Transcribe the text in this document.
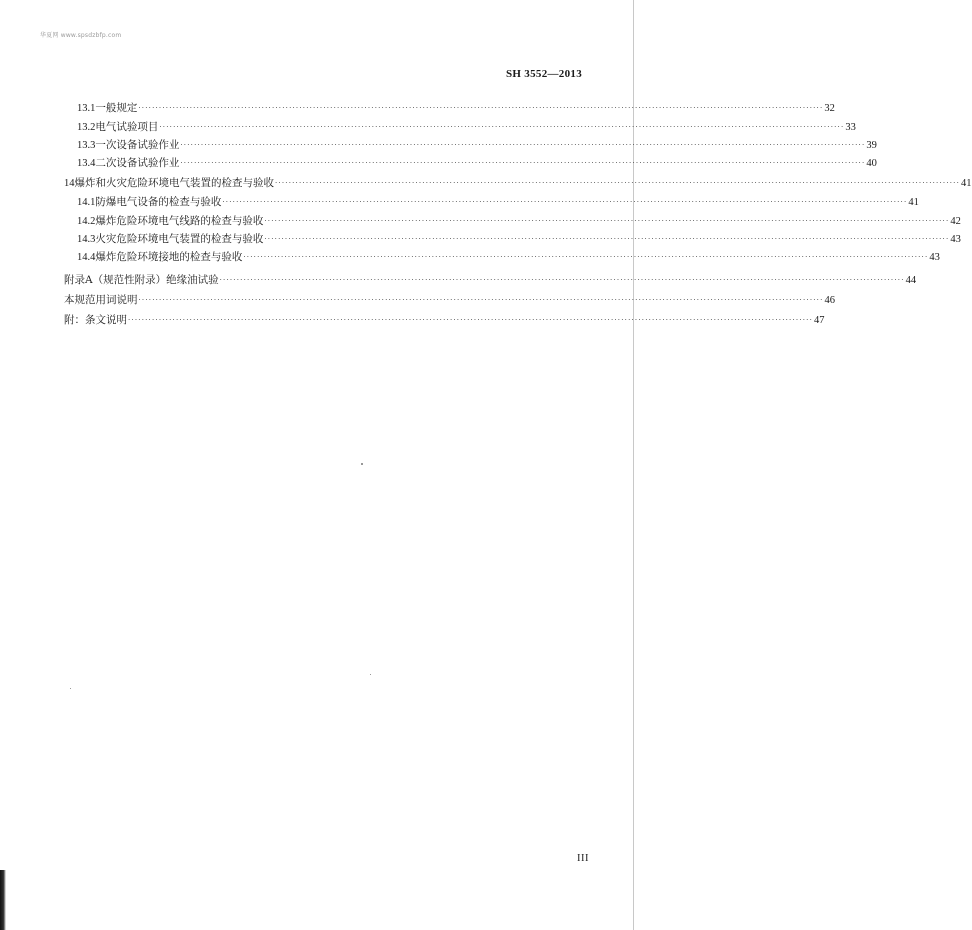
华夏网 www.spsdzbfp.com
SH 3552—2013
13.1 一般规定 ········································································································································································································ 32
13.2 电气试验项目 ········································································································································································································ 33
13.3 一次设备试验作业 ········································································································································································································ 39
13.4 二次设备试验作业 ········································································································································································································ 40
14 爆炸和火灾危险环境电气装置的检查与验收 ········································································································································································································ 41
14.1 防爆电气设备的检查与验收 ········································································································································································································ 41
14.2 爆炸危险环境电气线路的检查与验收 ········································································································································································································ 42
14.3 火灾危险环境电气装置的检查与验收 ········································································································································································································ 43
14.4 爆炸危险环境接地的检查与验收 ········································································································································································································ 43
附录A（规范性附录）绝缘油试验 ········································································································································································································ 44
本规范用词说明 ········································································································································································································ 46
附：条文说明 ········································································································································································································ 47
III
